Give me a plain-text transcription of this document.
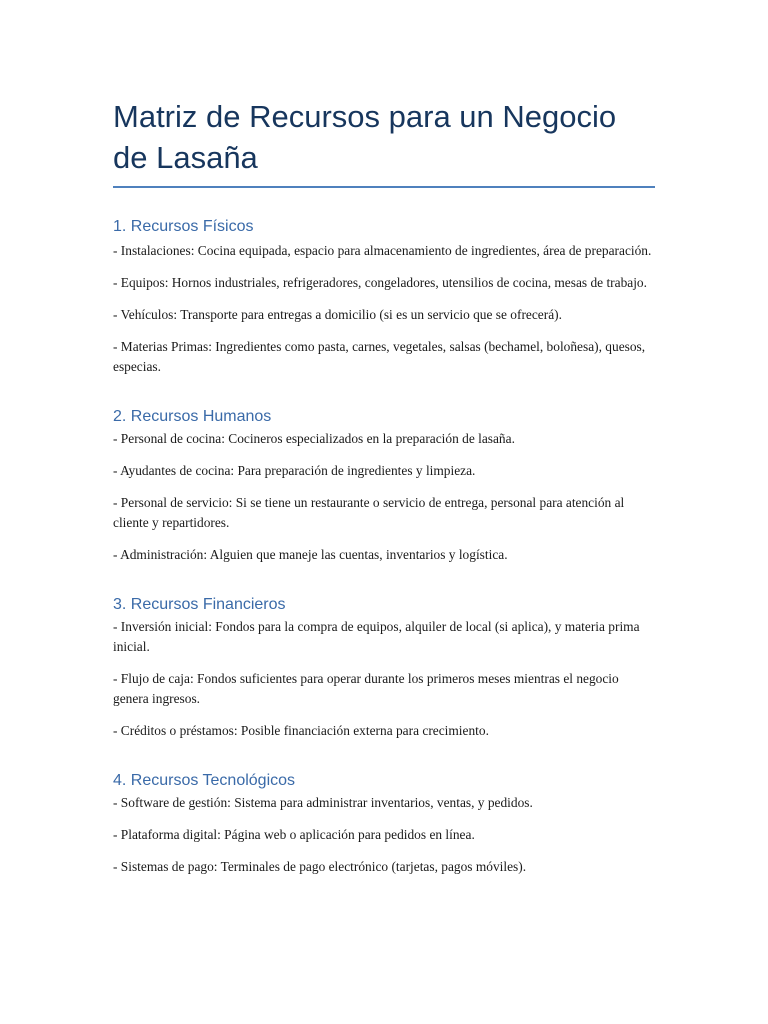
Matriz de Recursos para un Negocio de Lasaña
1. Recursos Físicos

- Instalaciones: Cocina equipada, espacio para almacenamiento de ingredientes, área de preparación.

- Equipos: Hornos industriales, refrigeradores, congeladores, utensilios de cocina, mesas de trabajo.

- Vehículos: Transporte para entregas a domicilio (si es un servicio que se ofrecerá).

- Materias Primas: Ingredientes como pasta, carnes, vegetales, salsas (bechamel, boloñesa), quesos, especias.

2. Recursos Humanos

- Personal de cocina: Cocineros especializados en la preparación de lasaña.

- Ayudantes de cocina: Para preparación de ingredientes y limpieza.

- Personal de servicio: Si se tiene un restaurante o servicio de entrega, personal para atención al cliente y repartidores.

- Administración: Alguien que maneje las cuentas, inventarios y logística.

3. Recursos Financieros

- Inversión inicial: Fondos para la compra de equipos, alquiler de local (si aplica), y materia prima inicial.

- Flujo de caja: Fondos suficientes para operar durante los primeros meses mientras el negocio genera ingresos.

- Créditos o préstamos: Posible financiación externa para crecimiento.

4. Recursos Tecnológicos

- Software de gestión: Sistema para administrar inventarios, ventas, y pedidos.

- Plataforma digital: Página web o aplicación para pedidos en línea.

- Sistemas de pago: Terminales de pago electrónico (tarjetas, pagos móviles).
